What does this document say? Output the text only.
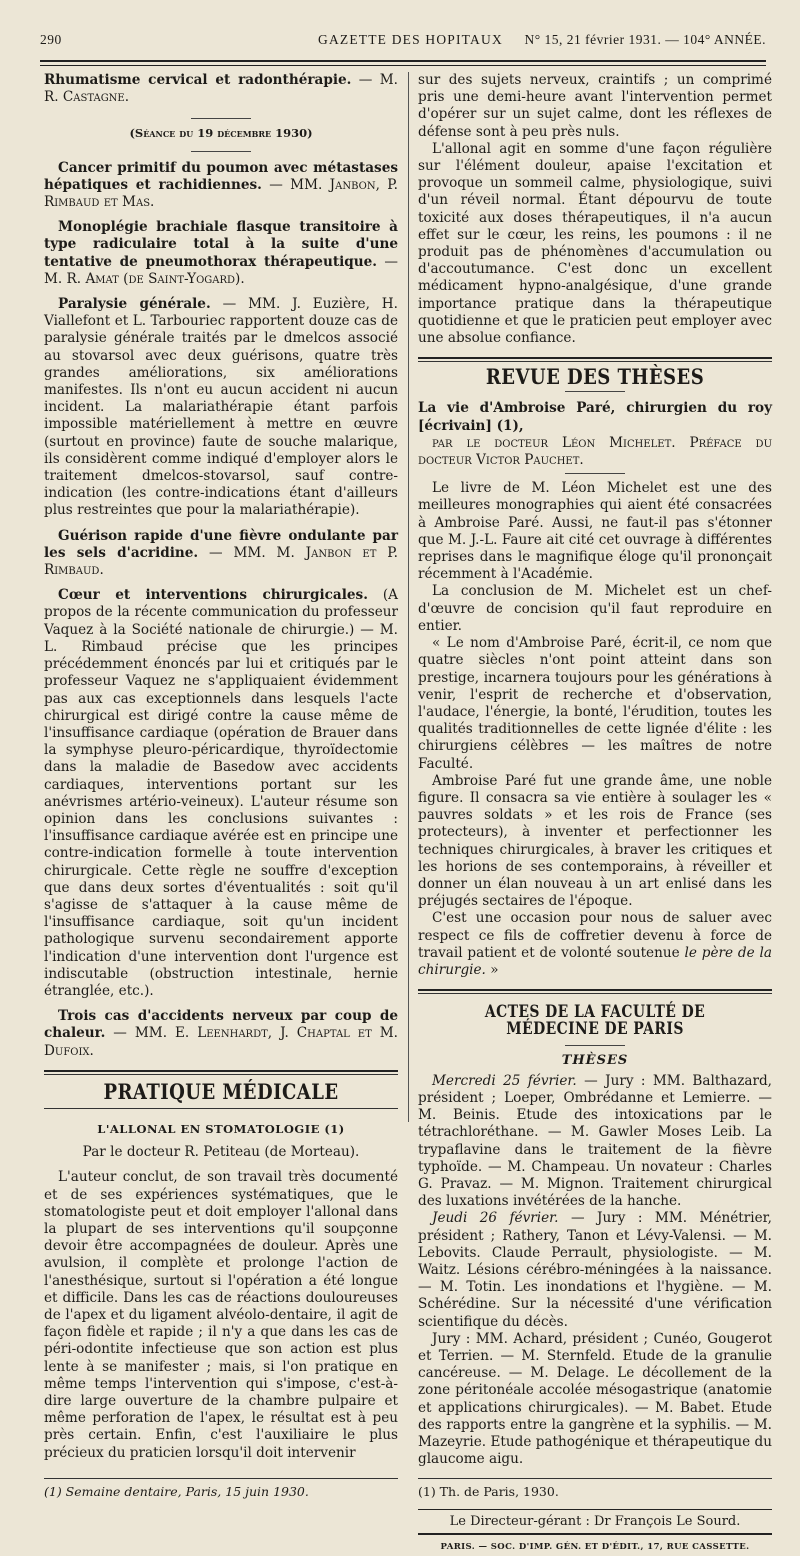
290	GAZETTE DES HOPITAUX N° 15, 21 février 1931. — 104° ANNÉE.

Rhumatisme cervical et radonthérapie. — M. R. Castagne.

(Séance du 19 décembre 1930)

Cancer primitif du poumon avec métastases hépatiques et rachidiennes. — MM. Janbon, P. Rimbaud et Mas.

Monoplégie brachiale flasque transitoire à type radiculaire total à la suite d'une tentative de pneumothorax thérapeutique. — M. R. Amat (de Saint-Yogard).

Paralysie générale. — MM. J. Euzière, H. Viallefont et L. Tarbouriec rapportent douze cas de paralysie générale traités par le dmelcos associé au stovarsol avec deux guérisons, quatre très grandes améliorations, six améliorations manifestes. Ils n'ont eu aucun accident ni aucun incident. La malariathérapie étant parfois impossible matériellement à mettre en œuvre (surtout en province) faute de souche malarique, ils considèrent comme indiqué d'employer alors le traitement dmelcos-stovarsol, sauf contre-indication (les contre-indications étant d'ailleurs plus restreintes que pour la malariathérapie).

Guérison rapide d'une fièvre ondulante par les sels d'acridine. — MM. M. Janbon et P. Rimbaud.

Cœur et interventions chirurgicales. (A propos de la récente communication du professeur Vaquez à la Société nationale de chirurgie.) — M. L. Rimbaud précise que les principes précédemment énoncés par lui et critiqués par le professeur Vaquez ne s'appliquaient évidemment pas aux cas exceptionnels dans lesquels l'acte chirurgical est dirigé contre la cause même de l'insuffisance cardiaque (opération de Brauer dans la symphyse pleuro-péricardique, thyroïdectomie dans la maladie de Basedow avec accidents cardiaques, interventions portant sur les anévrismes artério-veineux). L'auteur résume son opinion dans les conclusions suivantes : l'insuffisance cardiaque avérée est en principe une contre-indication formelle à toute intervention chirurgicale. Cette règle ne souffre d'exception que dans deux sortes d'éventualités : soit qu'il s'agisse de s'attaquer à la cause même de l'insuffisance cardiaque, soit qu'un incident pathologique survenu secondairement apporte l'indication d'une intervention dont l'urgence est indiscutable (obstruction intestinale, hernie étranglée, etc.).

Trois cas d'accidents nerveux par coup de chaleur. — MM. E. Leenhardt, J. Chaptal et M. Dufoix.

PRATIQUE MÉDICALE

L'ALLONAL EN STOMATOLOGIE (1)

Par le docteur R. Petiteau (de Morteau).

L'auteur conclut, de son travail très documenté et de ses expériences systématiques, que le stomatologiste peut et doit employer l'allonal dans la plupart de ses interventions qu'il soupçonne devoir être accompagnées de douleur. Après une avulsion, il complète et prolonge l'action de l'anesthésique, surtout si l'opération a été longue et difficile. Dans les cas de réactions douloureuses de l'apex et du ligament alvéolo-dentaire, il agit de façon fidèle et rapide ; il n'y a que dans les cas de péri-odontite infectieuse que son action est plus lente à se manifester ; mais, si l'on pratique en même temps l'intervention qui s'impose, c'est-à-dire large ouverture de la chambre pulpaire et même perforation de l'apex, le résultat est à peu près certain. Enfin, c'est l'auxiliaire le plus précieux du praticien lorsqu'il doit intervenir

(1) Semaine dentaire, Paris, 15 juin 1930.

sur des sujets nerveux, craintifs ; un comprimé pris une demi-heure avant l'intervention permet d'opérer sur un sujet calme, dont les réflexes de défense sont à peu près nuls.

L'allonal agit en somme d'une façon régulière sur l'élément douleur, apaise l'excitation et provoque un sommeil calme, physiologique, suivi d'un réveil normal. Étant dépourvu de toute toxicité aux doses thérapeutiques, il n'a aucun effet sur le cœur, les reins, les poumons : il ne produit pas de phénomènes d'accumulation ou d'accoutumance. C'est donc un excellent médicament hypno-analgésique, d'une grande importance pratique dans la thérapeutique quotidienne et que le praticien peut employer avec une absolue confiance.

REVUE DES THÈSES

La vie d'Ambroise Paré, chirurgien du roy [écrivain] (1),

par le docteur Léon Michelet. Préface du docteur Victor Pauchet.

Le livre de M. Léon Michelet est une des meilleures monographies qui aient été consacrées à Ambroise Paré. Aussi, ne faut-il pas s'étonner que M. J.-L. Faure ait cité cet ouvrage à différentes reprises dans le magnifique éloge qu'il prononçait récemment à l'Académie.

La conclusion de M. Michelet est un chef-d'œuvre de concision qu'il faut reproduire en entier.

« Le nom d'Ambroise Paré, écrit-il, ce nom que quatre siècles n'ont point atteint dans son prestige, incarnera toujours pour les générations à venir, l'esprit de recherche et d'observation, l'audace, l'énergie, la bonté, l'érudition, toutes les qualités traditionnelles de cette lignée d'élite : les chirurgiens célèbres — les maîtres de notre Faculté.

Ambroise Paré fut une grande âme, une noble figure. Il consacra sa vie entière à soulager les « pauvres soldats » et les rois de France (ses protecteurs), à inventer et perfectionner les techniques chirurgicales, à braver les critiques et les horions de ses contemporains, à réveiller et donner un élan nouveau à un art enlisé dans les préjugés sectaires de l'époque.

C'est une occasion pour nous de saluer avec respect ce fils de coffretier devenu à force de travail patient et de volonté soutenue le père de la chirurgie. »

ACTES DE LA FACULTÉ DE MÉDECINE DE PARIS

THÈSES

Mercredi 25 février. — Jury : MM. Balthazard, président ; Loeper, Ombrédanne et Lemierre. — M. Beinis. Etude des intoxications par le tétrachloréthane. — M. Gawler Moses Leib. La trypaflavine dans le traitement de la fièvre typhoïde. — M. Champeau. Un novateur : Charles G. Pravaz. — M. Mignon. Traitement chirurgical des luxations invétérées de la hanche.

Jeudi 26 février. — Jury : MM. Ménétrier, président ; Rathery, Tanon et Lévy-Valensi. — M. Lebovits. Claude Perrault, physiologiste. — M. Waitz. Lésions cérébro-méningées à la naissance. — M. Totin. Les inondations et l'hygiène. — M. Schérédine. Sur la nécessité d'une vérification scientifique du décès.

Jury : MM. Achard, président ; Cunéo, Gougerot et Terrien. — M. Sternfeld. Etude de la granulie cancéreuse. — M. Delage. Le décollement de la zone péritonéale accolée mésogastrique (anatomie et applications chirurgicales). — M. Babet. Etude des rapports entre la gangrène et la syphilis. — M. Mazeyrie. Etude pathogénique et thérapeutique du glaucome aigu.

(1) Th. de Paris, 1930.

Le Directeur-gérant : Dr François Le Sourd.

PARIS. — SOC. D'IMP. GÉN. ET D'ÉDIT., 17, RUE CASSETTE.
